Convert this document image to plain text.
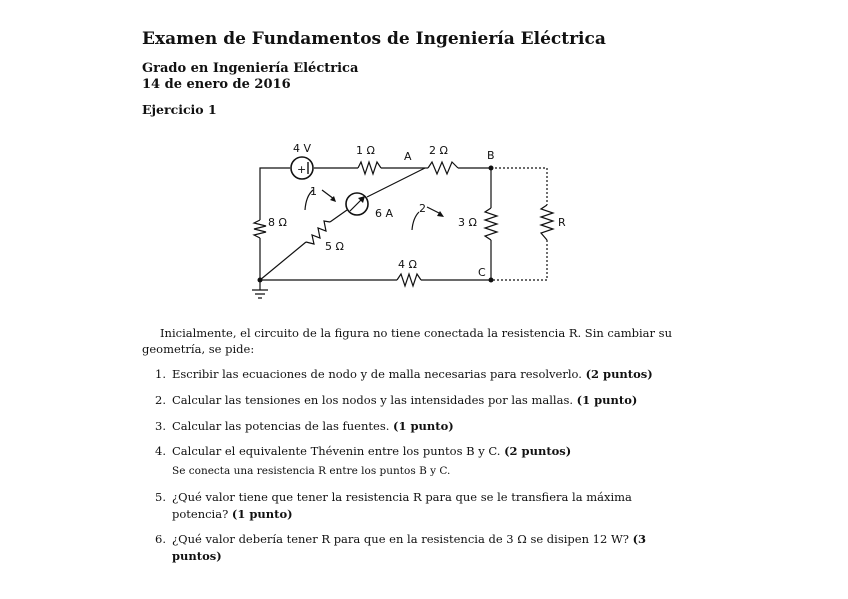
Examen de Fundamentos de Ingeniería Eléctrica
Grado en Ingeniería Eléctrica
14 de enero de 2016
Ejercicio 1
+
4 V	1 Ω	A 2 Ω	B
8 Ω
6 A
3 Ω	R
5 Ω
4 Ω
C
1
2
Inicialmente, el circuito de la figura no tiene conectada la resistencia R. Sin cambiar su geometría, se pide:
1. Escribir las ecuaciones de nodo y de malla necesarias para resolverlo. (2 puntos)
2. Calcular las tensiones en los nodos y las intensidades por las mallas. (1 punto)
3. Calcular las potencias de las fuentes. (1 punto)
4. Calcular el equivalente Thévenin entre los puntos B y C. (2 puntos)
Se conecta una resistencia R entre los puntos B y C.
5. ¿Qué valor tiene que tener la resistencia R para que se le transfiera la máxima potencia? (1 punto)
6. ¿Qué valor debería tener R para que en la resistencia de 3 Ω se disipen 12 W? (3 puntos)
